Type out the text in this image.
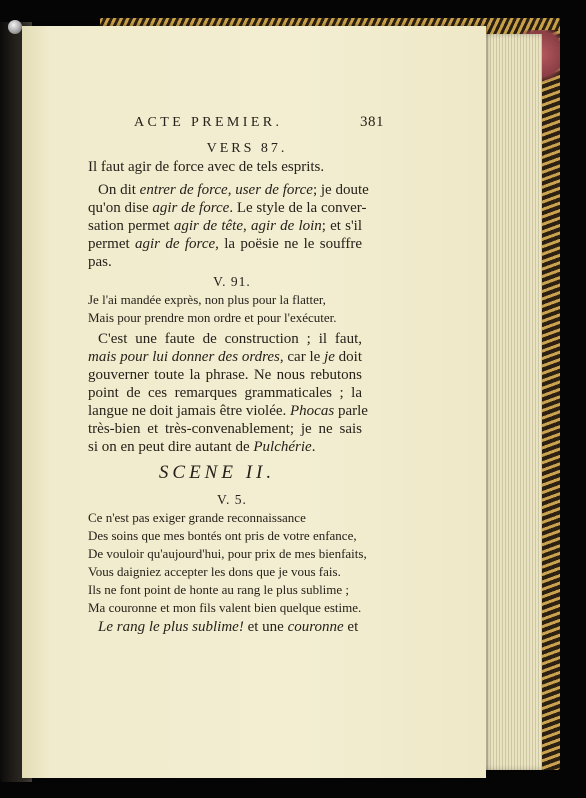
ACTE PREMIER.	381
VERS 87.
Il faut agir de force avec de tels esprits.
On dit entrer de force, user de force; je doute
qu'on dise agir de force. Le style de la conver-
sation permet agir de tête, agir de loin; et s'il
permet agir de force, la poësie ne le souffre
pas.
V. 91.
Je l'ai mandée exprès, non plus pour la flatter,
Mais pour prendre mon ordre et pour l'exécuter.
C'est une faute de construction ; il faut,
mais pour lui donner des ordres, car le je doit
gouverner toute la phrase. Ne nous rebutons
point de ces remarques grammaticales ; la
langue ne doit jamais être violée. Phocas parle
très-bien et très-convenablement; je ne sais
si on en peut dire autant de Pulchérie.
SCENE II.
V. 5.
Ce n'est pas exiger grande reconnaissance
Des soins que mes bontés ont pris de votre enfance,
De vouloir qu'aujourd'hui, pour prix de mes bienfaits,
Vous daigniez accepter les dons que je vous fais.
Ils ne font point de honte au rang le plus sublime ;
Ma couronne et mon fils valent bien quelque estime.
Le rang le plus sublime! et une couronne et
